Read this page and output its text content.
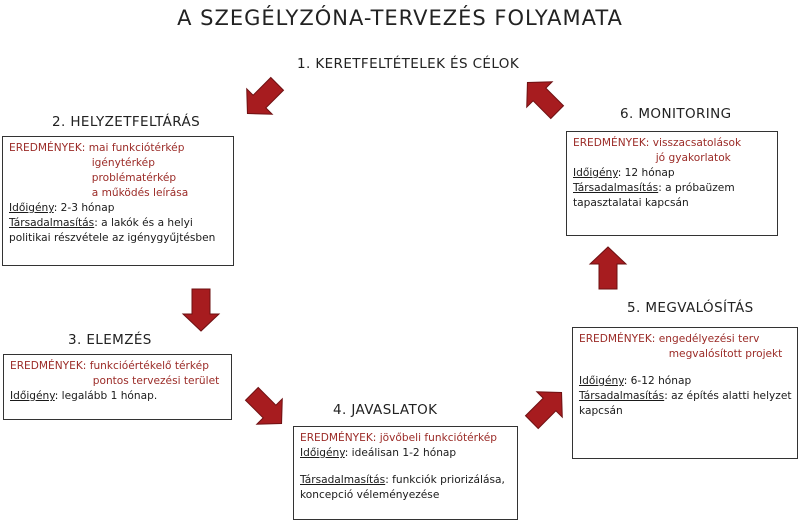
A SZEGÉLYZÓNA-TERVEZÉS FOLYAMATA
1. KERETFELTÉTELEK ÉS CÉLOK
2. HELYZETFELTÁRÁS
EREDMÉNYEK:
mai funkciótérkép
igénytérkép
problématérkép
a működés leírása
Időigény: 2-3 hónap
Társadalmasítás: a lakók és a helyi
politikai részvétele az igénygyűjtésben
3. ELEMZÉS
EREDMÉNYEK:
funkcióértékelő térkép
pontos tervezési terület
Időigény: legalább 1 hónap.
4. JAVASLATOK
EREDMÉNYEK:
jövőbeli funkciótérkép
Időigény: ideálisan 1-2 hónap
Társadalmasítás: funkciók priorizálása,
koncepció véleményezése
5. MEGVALÓSÍTÁS
EREDMÉNYEK:
engedélyezési terv
megvalósított projekt
Időigény: 6-12 hónap
Társadalmasítás: az építés alatti helyzet
kapcsán
6. MONITORING
EREDMÉNYEK:
visszacsatolások
jó gyakorlatok
Időigény: 12 hónap
Társadalmasítás: a próbaüzem
tapasztalatai kapcsán
